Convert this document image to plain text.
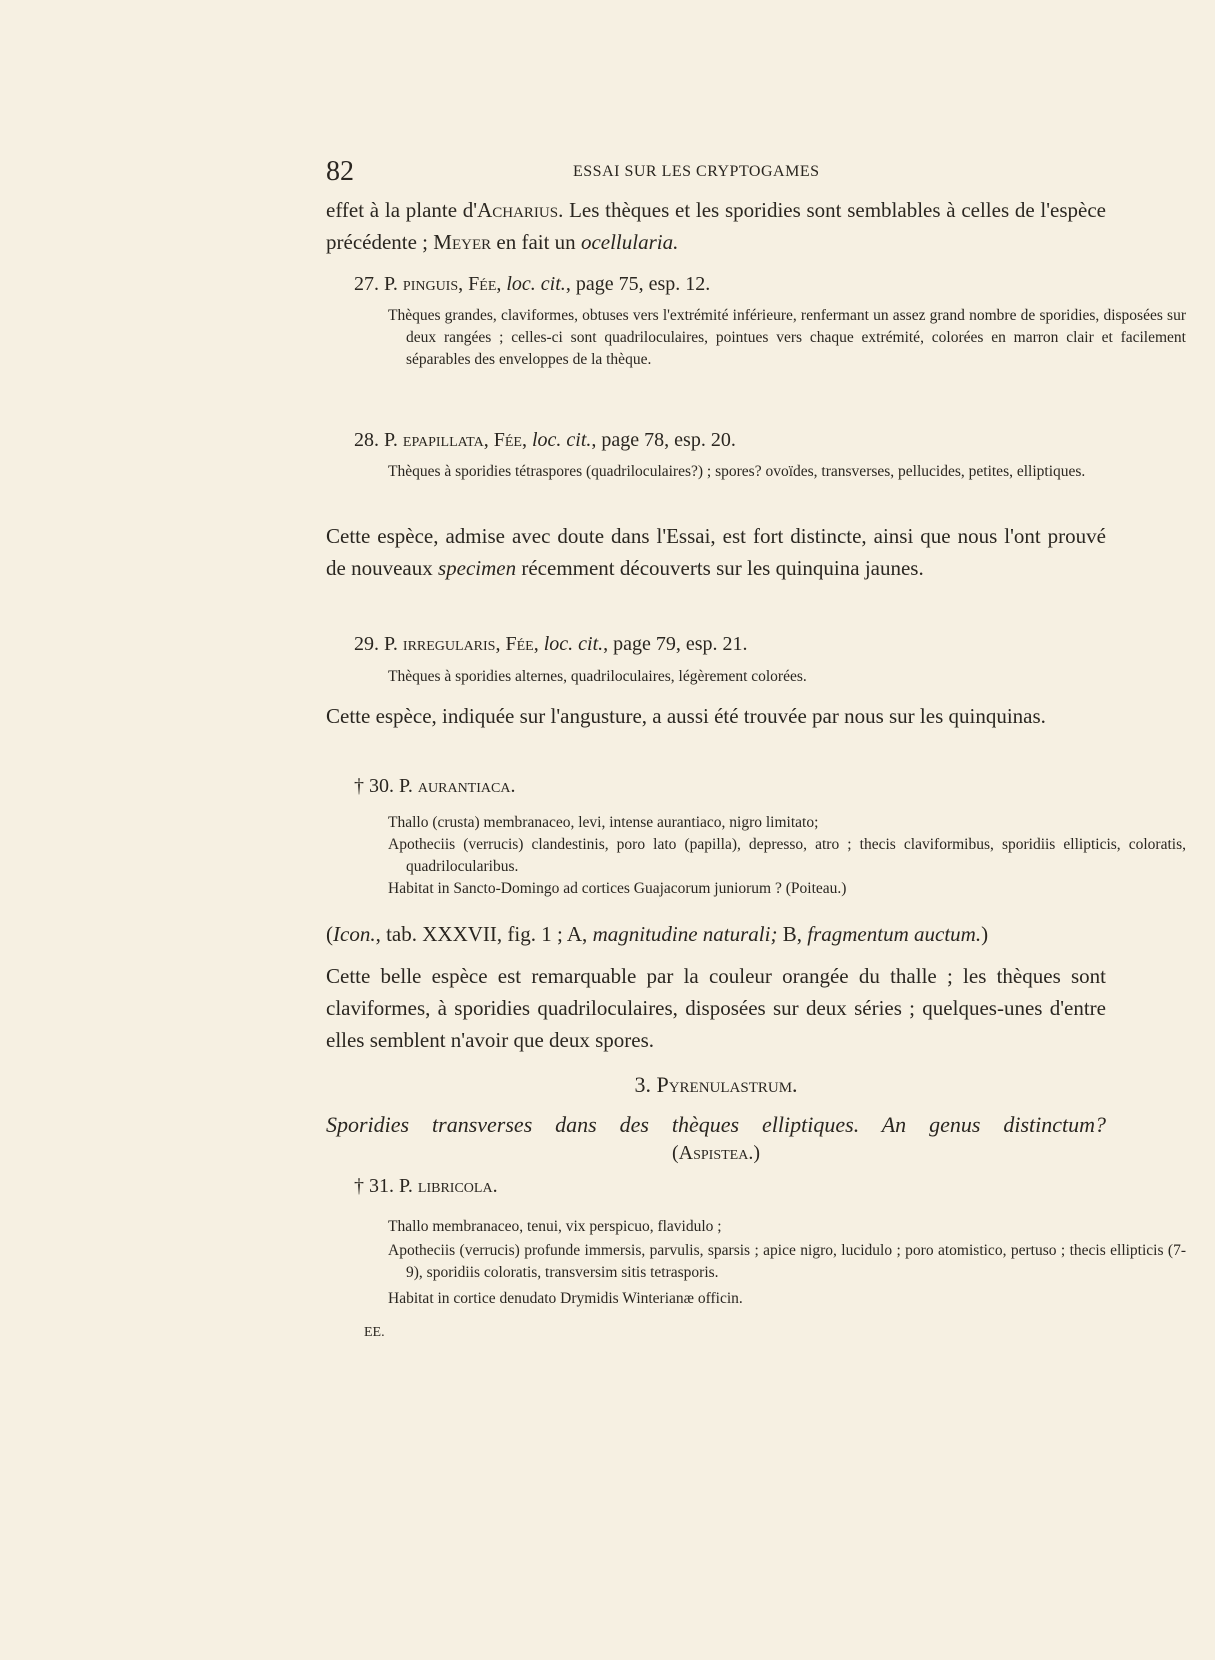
82	ESSAI SUR LES CRYPTOGAMES
effet à la plante d'Acharius. Les thèques et les sporidies sont semblables à celles de l'espèce précédente ; Meyer en fait un ocellularia.
27. P. pinguis, Fée, loc. cit., page 75, esp. 12.
Thèques grandes, claviformes, obtuses vers l'extrémité inférieure, renfermant un assez grand nombre de sporidies, disposées sur deux rangées ; celles-ci sont quadriloculaires, pointues vers chaque extrémité, colorées en marron clair et facilement séparables des enveloppes de la thèque.
28. P. epapillata, Fée, loc. cit., page 78, esp. 20.
Thèques à sporidies tétraspores (quadriloculaires?) ; spores? ovoïdes, transverses, pellucides, petites, elliptiques.
Cette espèce, admise avec doute dans l'Essai, est fort distincte, ainsi que nous l'ont prouvé de nouveaux specimen récemment découverts sur les quinquina jaunes.
29. P. irregularis, Fée, loc. cit., page 79, esp. 21.
Thèques à sporidies alternes, quadriloculaires, légèrement colorées.
Cette espèce, indiquée sur l'angusture, a aussi été trouvée par nous sur les quinquinas.
† 30. P. aurantiaca.
Thallo (crusta) membranaceo, levi, intense aurantiaco, nigro limitato;
Apotheciis (verrucis) clandestinis, poro lato (papilla), depresso, atro ; thecis claviformibus, sporidiis ellipticis, coloratis, quadrilocularibus.
Habitat in Sancto-Domingo ad cortices Guajacorum juniorum ? (Poiteau.)
(Icon., tab. XXXVII, fig. 1 ; A, magnitudine naturali; B, fragmentum auctum.)
Cette belle espèce est remarquable par la couleur orangée du thalle ; les thèques sont claviformes, à sporidies quadriloculaires, disposées sur deux séries ; quelques-unes d'entre elles semblent n'avoir que deux spores.
3. Pyrenulastrum.
Sporidies transverses dans des thèques elliptiques. An genus distinctum?
(Aspistea.)
† 31. P. libricola.
Thallo membranaceo, tenui, vix perspicuo, flavidulo ;
Apotheciis (verrucis) profunde immersis, parvulis, sparsis ; apice nigro, lucidulo ; poro atomistico, pertuso ; thecis ellipticis (7-9), sporidiis coloratis, transversim sitis tetrasporis.
Habitat in cortice denudato Drymidis Winterianæ officin.
EE.
